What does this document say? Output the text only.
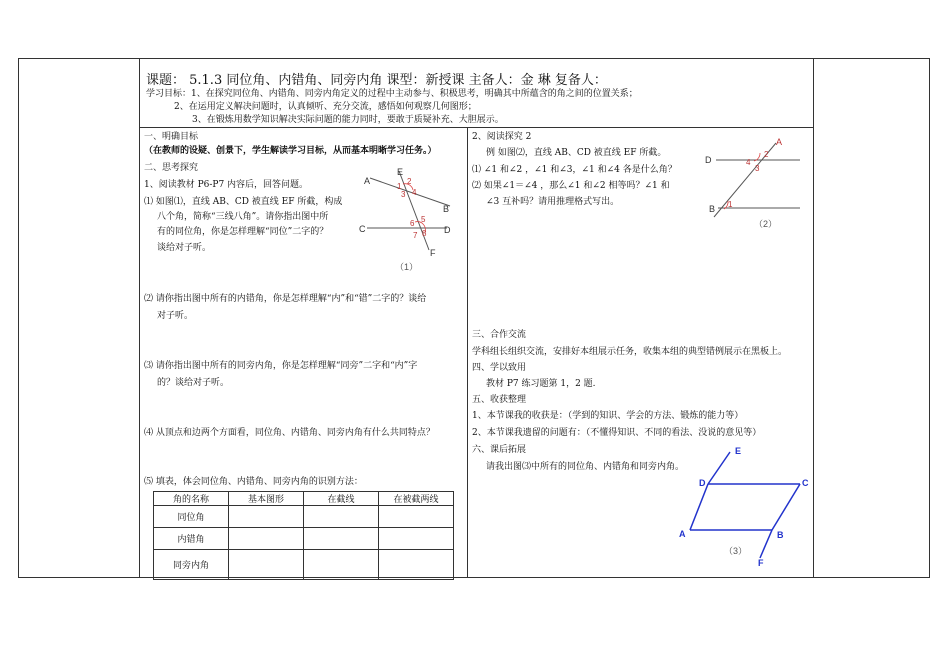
课题： 5.1.3 同位角、内错角、同旁内角 课型：新授课 主备人：金 琳 复备人：
学习目标：1、在探究同位角、内错角、同旁内角定义的过程中主动参与、积极思考，明确其中所蕴含的角之间的位置关系；
2、在运用定义解决问题时，认真倾听、充分交流，感悟如何观察几何图形；
3、在锻炼用数学知识解决实际问题的能力同时，要敢于质疑补充、大胆展示。
一、明确目标
（在教师的设疑、创景下，学生解读学习目标，从而基本明晰学习任务。）
二、思考探究
1、阅读教材 P6-P7 内容后，回答问题。
⑴ 如图⑴，直线 AB、CD 被直线 EF 所截，构成
八个角，简称“三线八角”。请你指出图中所
有的同位角，你是怎样理解“同位”二字的？
谈给对子听。
A
B
C	D
E
F
1
2
3 4
5
6
7 8
（1）
⑵ 请你指出图中所有的内错角，你是怎样理解“内”和“错”二字的？谈给
对子听。
⑶ 请你指出图中所有的同旁内角，你是怎样理解“同旁”二字和“内”字
的？谈给对子听。
⑷ 从顶点和边两个方面看，同位角、内错角、同旁内角有什么共同特点？
⑸ 填表，体会同位角、内错角、同旁内角的识别方法：
角的名称	基本图形	在截线	在被截两线
同位角			
内错角			
同旁内角			
2、阅读探究 2
例 如图⑵，直线 AB、CD 被直线 EF 所截。
⑴ ∠1 和∠2 ，∠1 和∠3，∠1 和∠4 各是什么角？
⑵ 如果∠1＝∠4 ，那么∠1 和∠2 相等吗？∠1 和
∠3 互补吗？请用推理格式写出。
D
B
A
1
2
3
4
（2）
三、合作交流
学科组长组织交流，安排好本组展示任务，收集本组的典型错例展示在黑板上。
四、学以致用
教材 P7 练习题第 1，2 题.
五、收获整理
1、本节课我的收获是：（学到的知识、学会的方法、锻炼的能力等）
2、本节课我遗留的问题有：（不懂得知识、不同的看法、没说的意见等）
六、课后拓展
请我出图⑶中所有的同位角、内错角和同旁内角。
E
D	C
A	B
F
（3）
